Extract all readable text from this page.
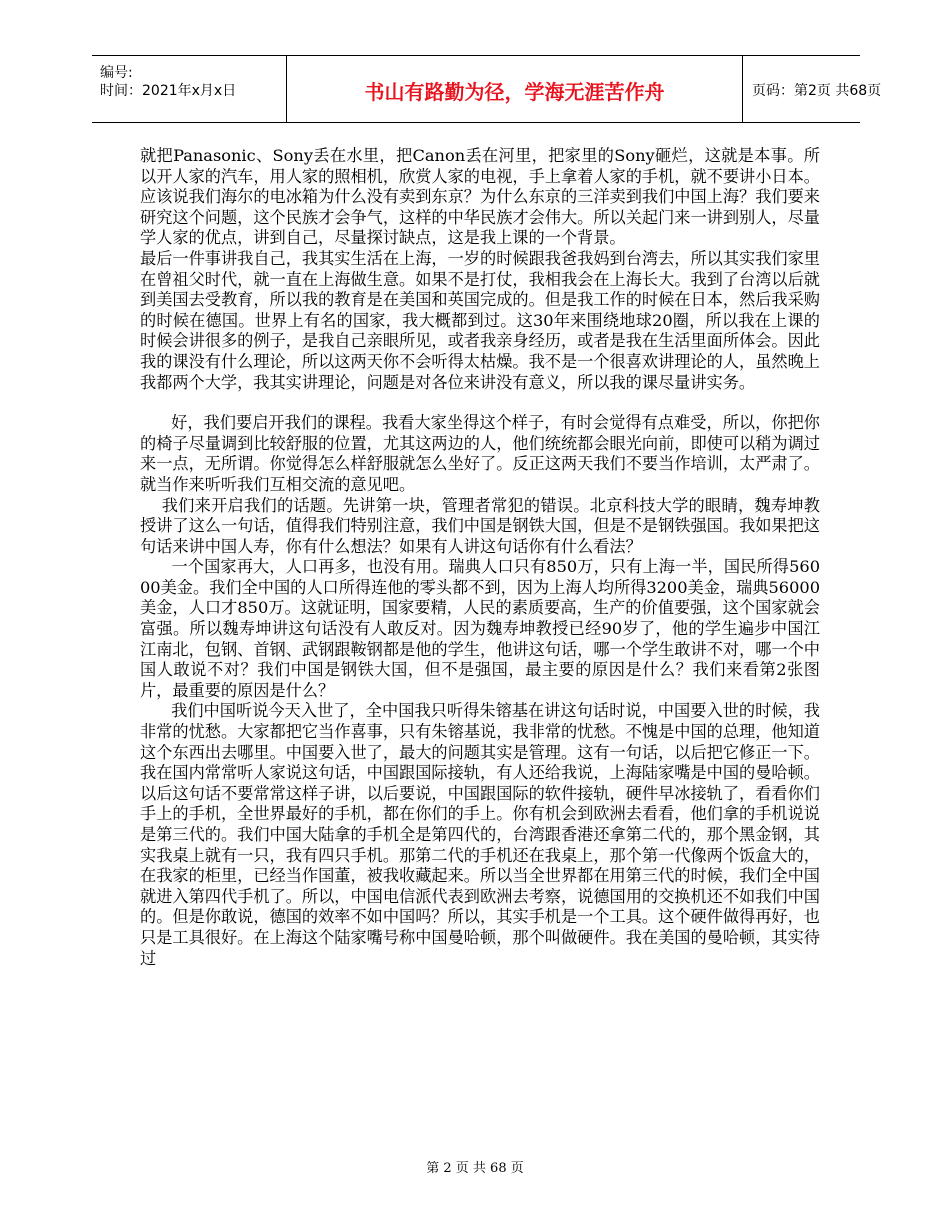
编号:
时间：2021年x月x日	书山有路勤为径，学海无涯苦作舟	页码：第2页 共68页

就把Panasonic、Sony丢在水里，把Canon丢在河里，把家里的Sony砸烂，这就是本事。所以开人家的汽车，用人家的照相机，欣赏人家的电视，手上拿着人家的手机，就不要讲小日本。应该说我们海尔的电冰箱为什么没有卖到东京？为什么东京的三洋卖到我们中国上海？我们要来研究这个问题，这个民族才会争气，这样的中华民族才会伟大。所以关起门来一讲到别人，尽量学人家的优点，讲到自己，尽量探讨缺点，这是我上课的一个背景。

最后一件事讲我自己，我其实生活在上海，一岁的时候跟我爸我妈到台湾去，所以其实我们家里在曾祖父时代，就一直在上海做生意。如果不是打仗，我相我会在上海长大。我到了台湾以后就到美国去受教育，所以我的教育是在美国和英国完成的。但是我工作的时候在日本，然后我采购的时候在德国。世界上有名的国家，我大概都到过。这30年来围绕地球20圈，所以我在上课的时候会讲很多的例子，是我自己亲眼所见，或者我亲身经历，或者是我在生活里面所体会。因此我的课没有什么理论，所以这两天你不会听得太枯燥。我不是一个很喜欢讲理论的人，虽然晚上我都两个大学，我其实讲理论，问题是对各位来讲没有意义，所以我的课尽量讲实务。

好，我们要启开我们的课程。我看大家坐得这个样子，有时会觉得有点难受，所以，你把你的椅子尽量调到比较舒服的位置，尤其这两边的人，他们统统都会眼光向前，即使可以稍为调过来一点，无所谓。你觉得怎么样舒服就怎么坐好了。反正这两天我们不要当作培训，太严肃了。就当作来听听我们互相交流的意见吧。

我们来开启我们的话题。先讲第一块，管理者常犯的错误。北京科技大学的眼睛，魏寿坤教授讲了这么一句话，值得我们特别注意，我们中国是钢铁大国，但是不是钢铁强国。我如果把这句话来讲中国人寿，你有什么想法？如果有人讲这句话你有什么看法？

一个国家再大，人口再多，也没有用。瑞典人口只有850万，只有上海一半，国民所得56000美金。我们全中国的人口所得连他的零头都不到，因为上海人均所得3200美金，瑞典56000美金，人口才850万。这就证明，国家要精，人民的素质要高，生产的价值要强，这个国家就会富强。所以魏寿坤讲这句话没有人敢反对。因为魏寿坤教授已经90岁了，他的学生遍步中国江江南北，包钢、首钢、武钢跟鞍钢都是他的学生，他讲这句话，哪一个学生敢讲不对，哪一个中国人敢说不对？我们中国是钢铁大国，但不是强国，最主要的原因是什么？我们来看第2张图片，最重要的原因是什么？

我们中国听说今天入世了，全中国我只听得朱镕基在讲这句话时说，中国要入世的时候，我非常的忧愁。大家都把它当作喜事，只有朱镕基说，我非常的忧愁。不愧是中国的总理，他知道这个东西出去哪里。中国要入世了，最大的问题其实是管理。这有一句话，以后把它修正一下。我在国内常常听人家说这句话，中国跟国际接轨，有人还给我说，上海陆家嘴是中国的曼哈顿。以后这句话不要常常这样子讲，以后要说，中国跟国际的软件接轨，硬件早冰接轨了，看看你们手上的手机，全世界最好的手机，都在你们的手上。你有机会到欧洲去看看，他们拿的手机说说是第三代的。我们中国大陆拿的手机全是第四代的，台湾跟香港还拿第二代的，那个黑金钢，其实我桌上就有一只，我有四只手机。那第二代的手机还在我桌上，那个第一代像两个饭盒大的，在我家的柜里，已经当作国董，被我收藏起来。所以当全世界都在用第三代的时候，我们全中国就进入第四代手机了。所以，中国电信派代表到欧洲去考察，说德国用的交换机还不如我们中国的。但是你敢说，德国的效率不如中国吗？所以，其实手机是一个工具。这个硬件做得再好，也只是工具很好。在上海这个陆家嘴号称中国曼哈顿，那个叫做硬件。我在美国的曼哈顿，其实待过

第 2 页 共 68 页
